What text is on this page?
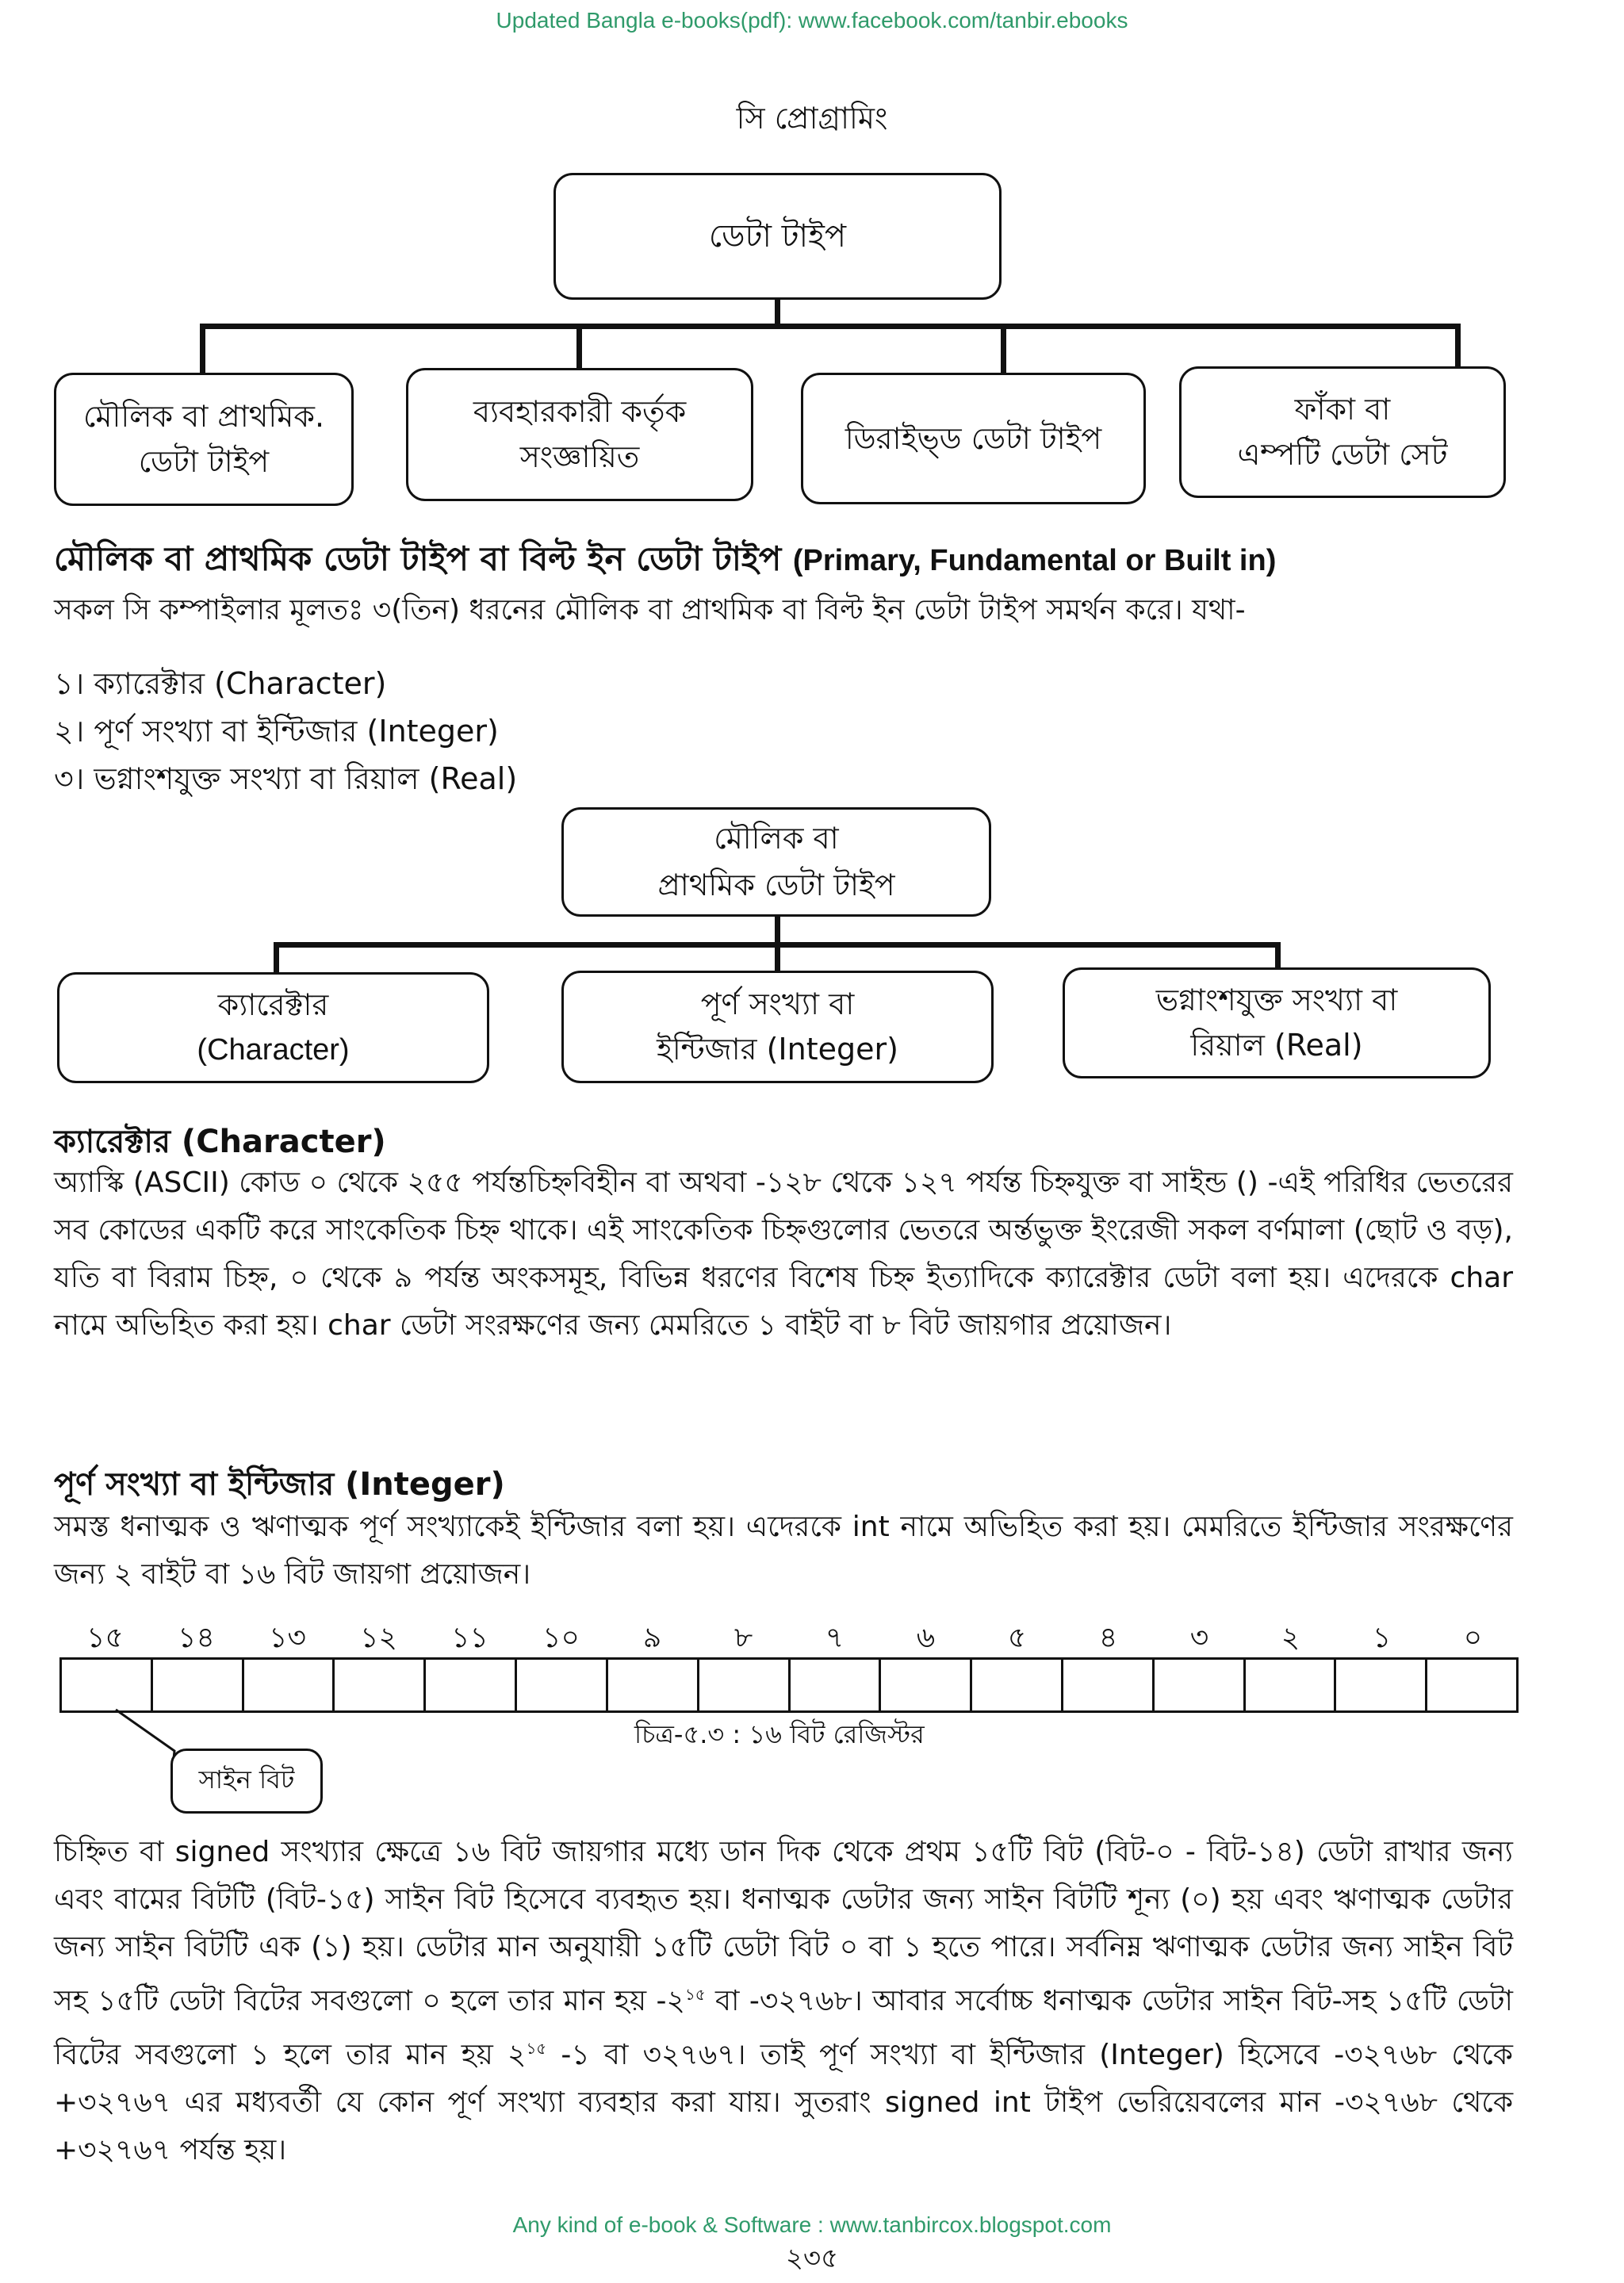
Updated Bangla e-books(pdf): www.facebook.com/tanbir.ebooks
সি প্রোগ্রামিং
ডেটা টাইপ
মৌলিক বা প্রাথমিক.
ডেটা টাইপ
ব্যবহারকারী কর্তৃক
সংজ্ঞায়িত
ডিরাইভ্ড ডেটা টাইপ
ফাঁকা বা
এম্পটি ডেটা সেট
মৌলিক বা প্রাথমিক ডেটা টাইপ বা বিল্ট ইন ডেটা টাইপ (Primary, Fundamental or Built in)
সকল সি কম্পাইলার মূলতঃ ৩(তিন) ধরনের মৌলিক বা প্রাথমিক বা বিল্ট ইন ডেটা টাইপ সমর্থন করে। যথা-
১। ক্যারেক্টার (Character)
২। পূর্ণ সংখ্যা বা ইন্টিজার (Integer)
৩। ভগ্নাংশযুক্ত সংখ্যা বা রিয়াল (Real)
মৌলিক বা
প্রাথমিক ডেটা টাইপ
ক্যারেক্টার
(Character)
পূর্ণ সংখ্যা বা
ইন্টিজার (Integer)
ভগ্নাংশযুক্ত সংখ্যা বা
রিয়াল (Real)
ক্যারেক্টার (Character)
অ্যাস্কি (ASCII) কোড ০ থেকে ২৫৫ পর্যন্তচিহ্নবিহীন বা অথবা -১২৮ থেকে ১২৭ পর্যন্ত চিহ্নযুক্ত বা সাইন্ড () -এই পরিধির ভেতরের সব কোডের একটি করে সাংকেতিক চিহ্ন থাকে। এই সাংকেতিক চিহ্নগুলোর ভেতরে অর্ন্তভুক্ত ইংরেজী সকল বর্ণমালা (ছোট ও বড়), যতি বা বিরাম চিহ্ন, ০ থেকে ৯ পর্যন্ত অংকসমূহ, বিভিন্ন ধরণের বিশেষ চিহ্ন ইত্যাদিকে ক্যারেক্টার ডেটা বলা হয়। এদেরকে char নামে অভিহিত করা হয়। char ডেটা সংরক্ষণের জন্য মেমরিতে ১ বাইট বা ৮ বিট জায়গার প্রয়োজন।
পূর্ণ সংখ্যা বা ইন্টিজার (Integer)
সমস্ত ধনাত্মক ও ঋণাত্মক পূর্ণ সংখ্যাকেই ইন্টিজার বলা হয়। এদেরকে int নামে অভিহিত করা হয়। মেমরিতে ইন্টিজার সংরক্ষণের জন্য ২ বাইট বা ১৬ বিট জায়গা প্রয়োজন।
১৫	১৪	১৩	১২	১১	১০	৯	৮	৭	৬	৫	৪	৩	২	১	০
চিত্র-৫.৩ : ১৬ বিট রেজিস্টর
সাইন বিট
চিহ্নিত বা signed সংখ্যার ক্ষেত্রে ১৬ বিট জায়গার মধ্যে ডান দিক থেকে প্রথম ১৫টি বিট (বিট-০ - বিট-১৪) ডেটা রাখার জন্য এবং বামের বিটটি (বিট-১৫) সাইন বিট হিসেবে ব্যবহৃত হয়। ধনাত্মক ডেটার জন্য সাইন বিটটি শূন্য (০) হয় এবং ঋণাত্মক ডেটার জন্য সাইন বিটটি এক (১) হয়। ডেটার মান অনুযায়ী ১৫টি ডেটা বিট ০ বা ১ হতে পারে। সর্বনিম্ন ঋণাত্মক ডেটার জন্য সাইন বিট সহ ১৫টি ডেটা বিটের সবগুলো ০ হলে তার মান হয় $-২^{১৫}$ বা -৩২৭৬৮। আবার সর্বোচ্চ ধনাত্মক ডেটার সাইন বিট-সহ ১৫টি ডেটা বিটের সবগুলো ১ হলে তার মান হয় $২^{১৫}$ -১ বা ৩২৭৬৭। তাই পূর্ণ সংখ্যা বা ইন্টিজার (Integer) হিসেবে -৩২৭৬৮ থেকে +৩২৭৬৭ এর মধ্যবর্তী যে কোন পূর্ণ সংখ্যা ব্যবহার করা যায়। সুতরাং signed int টাইপ ভেরিয়েবলের মান -৩২৭৬৮ থেকে +৩২৭৬৭ পর্যন্ত হয়।
Any kind of e-book & Software : www.tanbircox.blogspot.com
২৩৫
